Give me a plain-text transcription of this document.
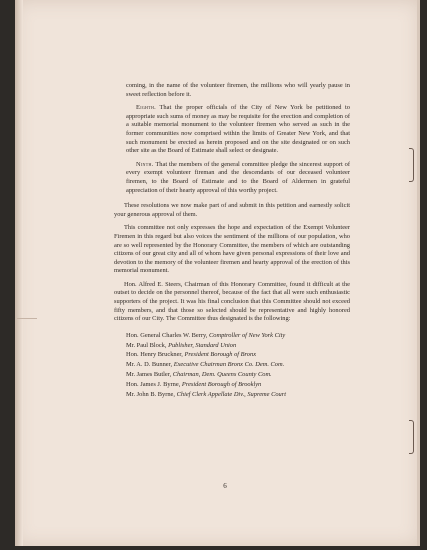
coming, in the name of the volunteer firemen, the millions who will yearly pause in sweet reflection before it.

Eighth. That the proper officials of the City of New York be petitioned to appropriate such sums of money as may be requisite for the erection and completion of a suitable memorial monument to the volunteer firemen who served as such in the former communities now comprised within the limits of Greater New York, and that such monument be erected as herein proposed and on the site designated or on such other site as the Board of Estimate shall select or designate.

Ninth. That the members of the general committee pledge the sincerest support of every exempt volunteer fireman and the descendants of our deceased volunteer firemen, to the Board of Estimate and to the Board of Aldermen in grateful appreciation of their hearty approval of this worthy project.

These resolutions we now make part of and submit in this petition and earnestly solicit your generous approval of them.

This committee not only expresses the hope and expectation of the Exempt Volunteer Firemen in this regard but also voices the sentiment of the millions of our population, who are so well represented by the Honorary Committee, the members of which are outstanding citizens of our great city and all of whom have given personal expressions of their love and devotion to the memory of the volunteer firemen and hearty approval of the erection of this memorial monument.

Hon. Alfred E. Steers, Chairman of this Honorary Committee, found it difficult at the outset to decide on the personnel thereof, because of the fact that all were such enthusiastic supporters of the project. It was his final conclusion that this Committee should not exceed fifty members, and that those so selected should be representative and highly honored citizens of our City. The Committee thus designated is the following:

Hon. General Charles W. Berry, Comptroller of New York City
Mr. Paul Block, Publisher, Standard Union
Hon. Henry Bruckner, President Borough of Bronx
Mr. A. D. Bunner, Executive Chairman Bronx Co. Dem. Com.
Mr. James Butler, Chairman, Dem. Queens County Com.
Hon. James J. Byrne, President Borough of Brooklyn
Mr. John B. Byrne, Chief Clerk Appellate Div., Supreme Court
6
